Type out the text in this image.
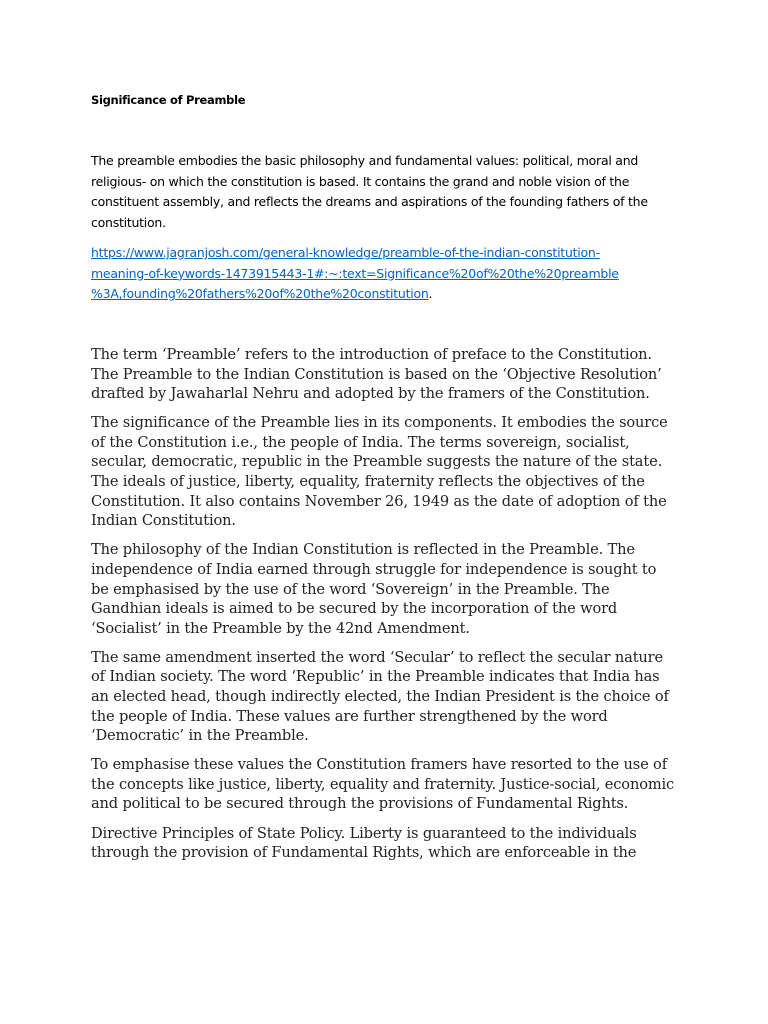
Significance of Preamble

The preamble embodies the basic philosophy and fundamental values: political, moral and religious- on which the constitution is based. It contains the grand and noble vision of the constituent assembly, and reflects the dreams and aspirations of the founding fathers of the constitution.

https://www.jagranjosh.com/general-knowledge/preamble-of-the-indian-constitution-
meaning-of-keywords-1473915443-1#:~:text=Significance%20of%20the%20preamble
%3A,founding%20fathers%20of%20the%20constitution.

The term ‘Preamble’ refers to the introduction of preface to the Constitution. The Preamble to the Indian Constitution is based on the ‘Objective Resolution’ drafted by Jawaharlal Nehru and adopted by the framers of the Constitution.

The significance of the Preamble lies in its components. It embodies the source of the Constitution i.e., the people of India. The terms sovereign, socialist, secular, democratic, republic in the Preamble suggests the nature of the state. The ideals of justice, liberty, equality, fraternity reflects the objectives of the Constitution. It also contains November 26, 1949 as the date of adoption of the Indian Constitution.

The philosophy of the Indian Constitution is reflected in the Preamble. The independence of India earned through struggle for independence is sought to be emphasised by the use of the word ‘Sovereign’ in the Preamble. The Gandhian ideals is aimed to be secured by the incorporation of the word ‘Socialist’ in the Preamble by the 42nd Amendment.

The same amendment inserted the word ‘Secular’ to reflect the secular nature of Indian society. The word ‘Republic’ in the Preamble indicates that India has an elected head, though indirectly elected, the Indian President is the choice of the people of India. These values are further strengthened by the word ‘Democratic’ in the Preamble.

To emphasise these values the Constitution framers have resorted to the use of the concepts like justice, liberty, equality and fraternity. Justice-social, economic and political to be secured through the provisions of Fundamental Rights.

Directive Principles of State Policy. Liberty is guaranteed to the individuals through the provision of Fundamental Rights, which are enforceable in the
